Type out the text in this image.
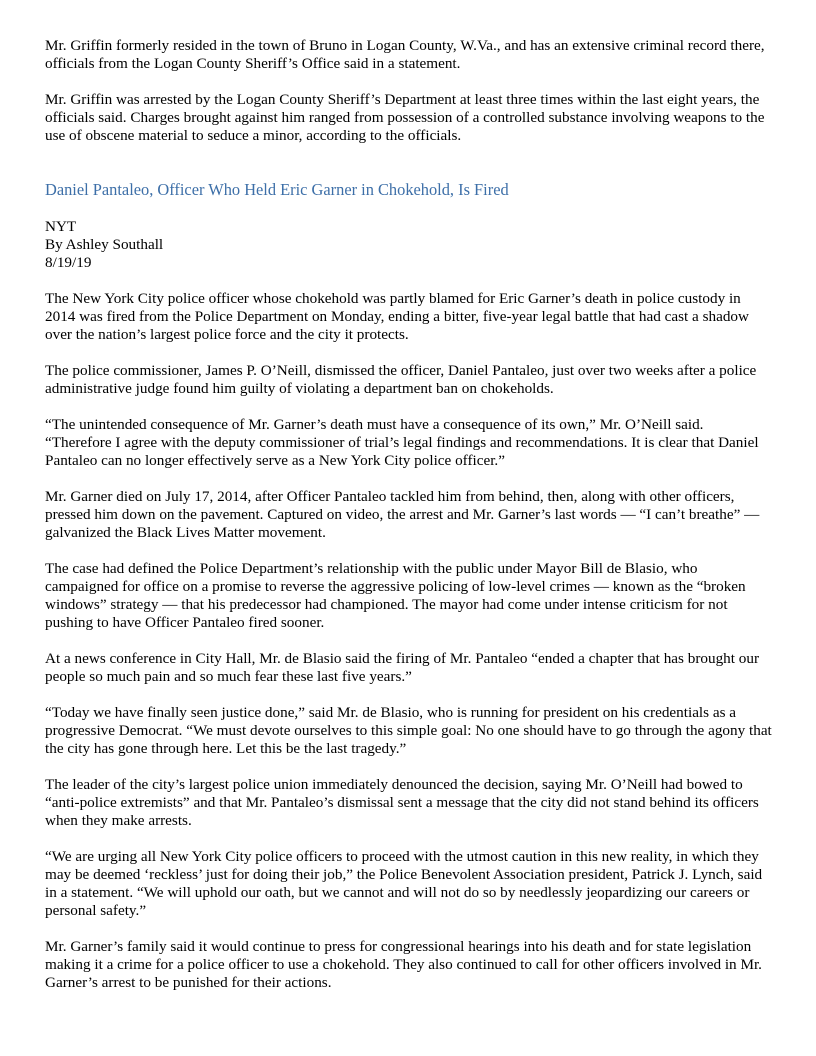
Mr. Griffin formerly resided in the town of Bruno in Logan County, W.Va., and has an extensive criminal record there, officials from the Logan County Sheriff’s Office said in a statement.

Mr. Griffin was arrested by the Logan County Sheriff’s Department at least three times within the last eight years, the officials said. Charges brought against him ranged from possession of a controlled substance involving weapons to the use of obscene material to seduce a minor, according to the officials.

Daniel Pantaleo, Officer Who Held Eric Garner in Chokehold, Is Fired
NYT
By Ashley Southall
8/19/19

The New York City police officer whose chokehold was partly blamed for Eric Garner’s death in police custody in 2014 was fired from the Police Department on Monday, ending a bitter, five-year legal battle that had cast a shadow over the nation’s largest police force and the city it protects.

The police commissioner, James P. O’Neill, dismissed the officer, Daniel Pantaleo, just over two weeks after a police administrative judge found him guilty of violating a department ban on chokeholds.

“The unintended consequence of Mr. Garner’s death must have a consequence of its own,” Mr. O’Neill said. “Therefore I agree with the deputy commissioner of trial’s legal findings and recommendations. It is clear that Daniel Pantaleo can no longer effectively serve as a New York City police officer.”

Mr. Garner died on July 17, 2014, after Officer Pantaleo tackled him from behind, then, along with other officers, pressed him down on the pavement. Captured on video, the arrest and Mr. Garner’s last words — “I can’t breathe” — galvanized the Black Lives Matter movement.

The case had defined the Police Department’s relationship with the public under Mayor Bill de Blasio, who campaigned for office on a promise to reverse the aggressive policing of low-level crimes — known as the “broken windows” strategy — that his predecessor had championed. The mayor had come under intense criticism for not pushing to have Officer Pantaleo fired sooner.

At a news conference in City Hall, Mr. de Blasio said the firing of Mr. Pantaleo “ended a chapter that has brought our people so much pain and so much fear these last five years.”

“Today we have finally seen justice done,” said Mr. de Blasio, who is running for president on his credentials as a progressive Democrat. “We must devote ourselves to this simple goal: No one should have to go through the agony that the city has gone through here. Let this be the last tragedy.”

The leader of the city’s largest police union immediately denounced the decision, saying Mr. O’Neill had bowed to “anti-police extremists” and that Mr. Pantaleo’s dismissal sent a message that the city did not stand behind its officers when they make arrests.

“We are urging all New York City police officers to proceed with the utmost caution in this new reality, in which they may be deemed ‘reckless’ just for doing their job,” the Police Benevolent Association president, Patrick J. Lynch, said in a statement. “We will uphold our oath, but we cannot and will not do so by needlessly jeopardizing our careers or personal safety.”

Mr. Garner’s family said it would continue to press for congressional hearings into his death and for state legislation making it a crime for a police officer to use a chokehold. They also continued to call for other officers involved in Mr. Garner’s arrest to be punished for their actions.
